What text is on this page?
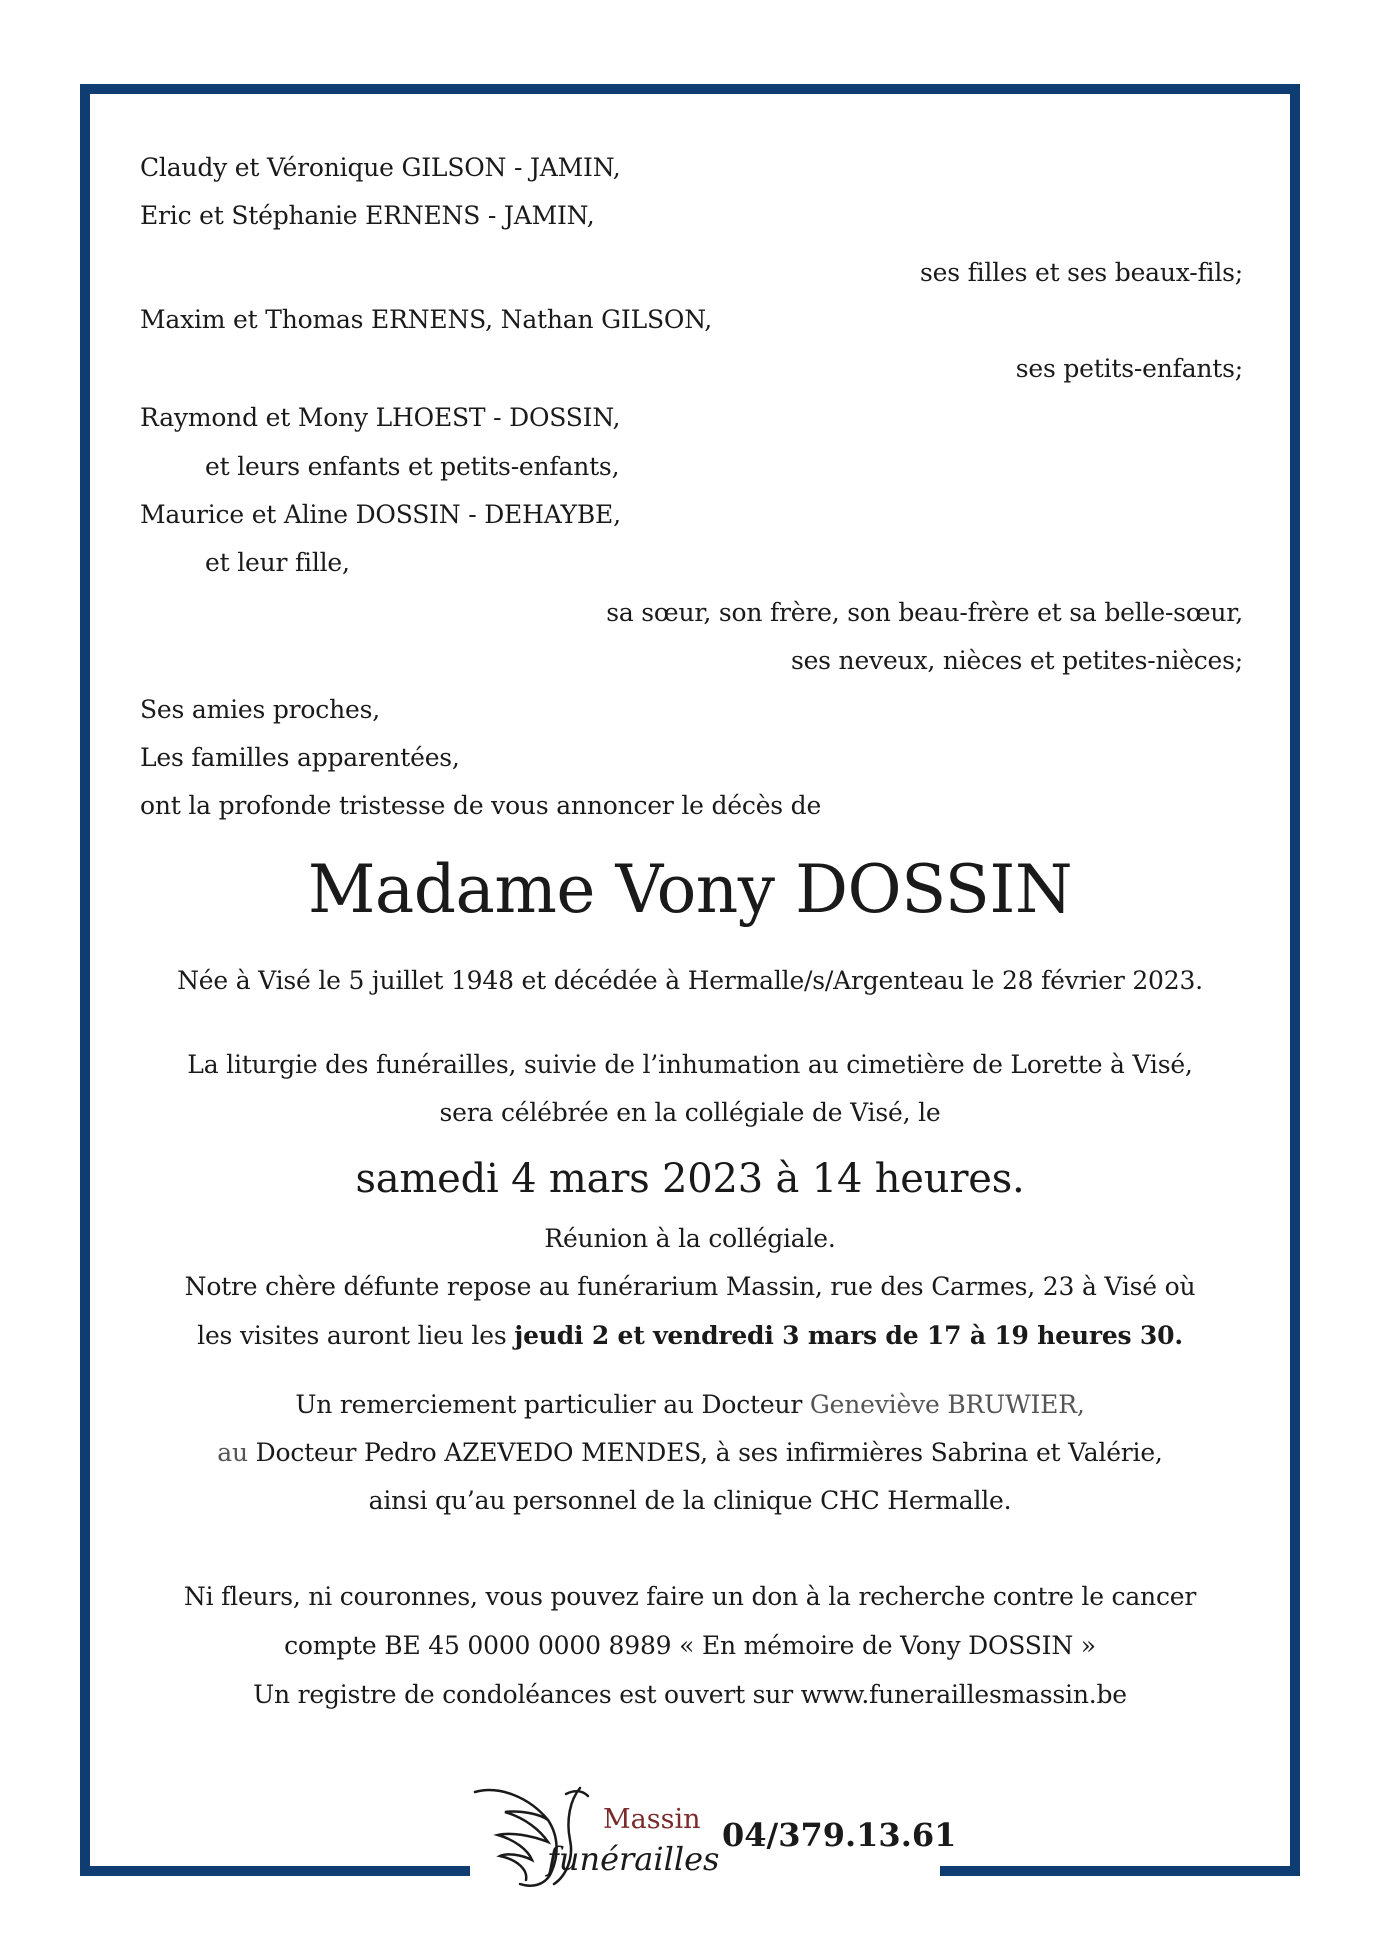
Claudy et Véronique GILSON - JAMIN,
Eric et Stéphanie ERNENS - JAMIN,
ses filles et ses beaux-fils;
Maxim et Thomas ERNENS, Nathan GILSON,
ses petits-enfants;
Raymond et Mony LHOEST - DOSSIN,
et leurs enfants et petits-enfants,
Maurice et Aline DOSSIN - DEHAYBE,
et leur fille,
sa sœur, son frère, son beau-frère et sa belle-sœur,
ses neveux, nièces et petites-nièces;
Ses amies proches,
Les familles apparentées,
ont la profonde tristesse de vous annoncer le décès de
Madame Vony DOSSIN
Née à Visé le 5 juillet 1948 et décédée à Hermalle/s/Argenteau le 28 février 2023.
La liturgie des funérailles, suivie de l’inhumation au cimetière de Lorette à Visé,
sera célébrée en la collégiale de Visé, le
samedi 4 mars 2023 à 14 heures.
Réunion à la collégiale.
Notre chère défunte repose au funérarium Massin, rue des Carmes, 23 à Visé où
les visites auront lieu les jeudi 2 et vendredi 3 mars de 17 à 19 heures 30.
Un remerciement particulier au Docteur Geneviève BRUWIER,
au Docteur Pedro AZEVEDO MENDES, à ses infirmières Sabrina et Valérie,
ainsi qu’au personnel de la clinique CHC Hermalle.
Ni fleurs, ni couronnes, vous pouvez faire un don à la recherche contre le cancer
compte BE 45 0000 0000 8989 « En mémoire de Vony DOSSIN »
Un registre de condoléances est ouvert sur www.funeraillesmassin.be
Massin
funérailles
04/379.13.61
